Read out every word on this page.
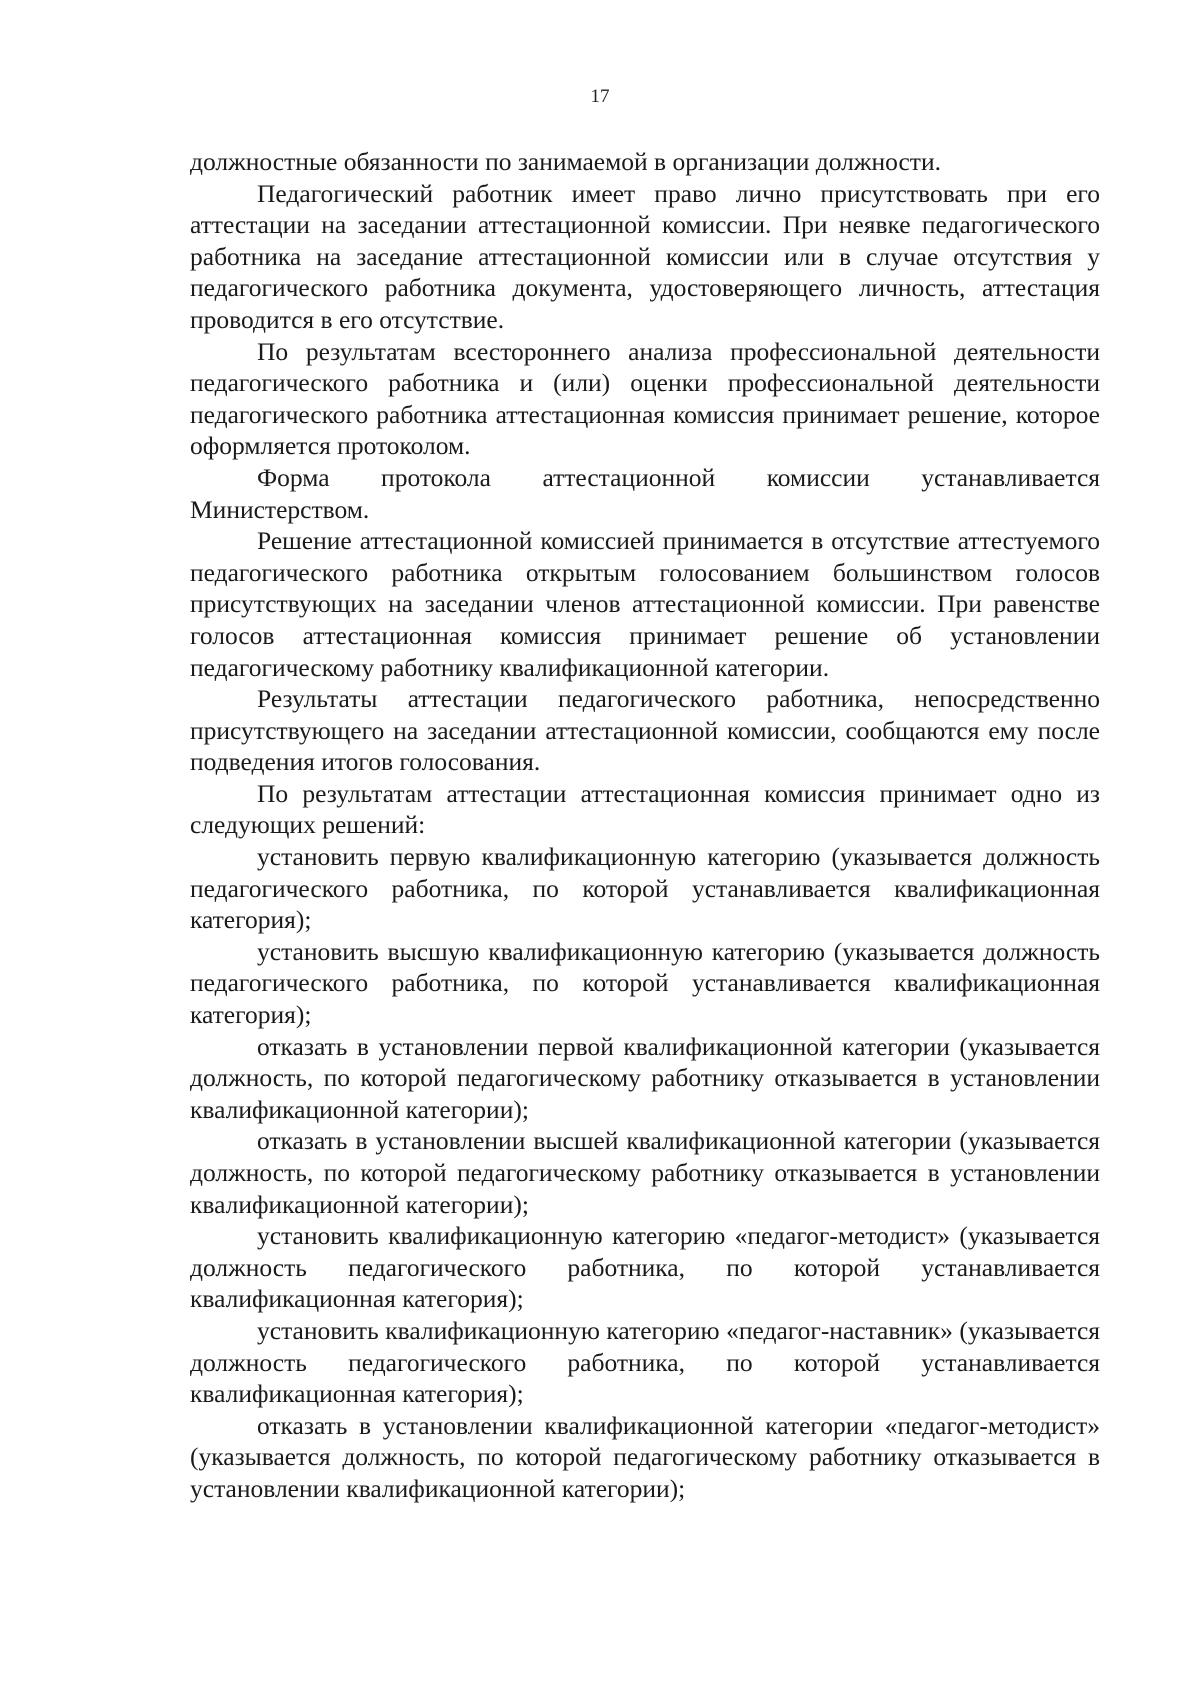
17

должностные обязанности по занимаемой в организации должности.

Педагогический работник имеет право лично присутствовать при его аттестации на заседании аттестационной комиссии. При неявке педагогического работника на заседание аттестационной комиссии или в случае отсутствия у педагогического работника документа, удостоверяющего личность, аттестация проводится в его отсутствие.

По результатам всестороннего анализа профессиональной деятельности педагогического работника и (или) оценки профессиональной деятельности педагогического работника аттестационная комиссия принимает решение, которое оформляется протоколом.

Форма протокола аттестационной комиссии устанавливается Министерством.

Решение аттестационной комиссией принимается в отсутствие аттестуемого педагогического работника открытым голосованием большинством голосов присутствующих на заседании членов аттестационной комиссии. При равенстве голосов аттестационная комиссия принимает решение об установлении педагогическому работнику квалификационной категории.

Результаты аттестации педагогического работника, непосредственно присутствующего на заседании аттестационной комиссии, сообщаются ему после подведения итогов голосования.

По результатам аттестации аттестационная комиссия принимает одно из следующих решений:

установить первую квалификационную категорию (указывается должность педагогического работника, по которой устанавливается квалификационная категория);

установить высшую квалификационную категорию (указывается должность педагогического работника, по которой устанавливается квалификационная категория);

отказать в установлении первой квалификационной категории (указывается должность, по которой педагогическому работнику отказывается в установлении квалификационной категории);

отказать в установлении высшей квалификационной категории (указывается должность, по которой педагогическому работнику отказывается в установлении квалификационной категории);

установить квалификационную категорию «педагог-методист» (указывается должность педагогического работника, по которой устанавливается квалификационная категория);

установить квалификационную категорию «педагог-наставник» (указывается должность педагогического работника, по которой устанавливается квалификационная категория);

отказать в установлении квалификационной категории «педагог-методист» (указывается должность, по которой педагогическому работнику отказывается в установлении квалификационной категории);
